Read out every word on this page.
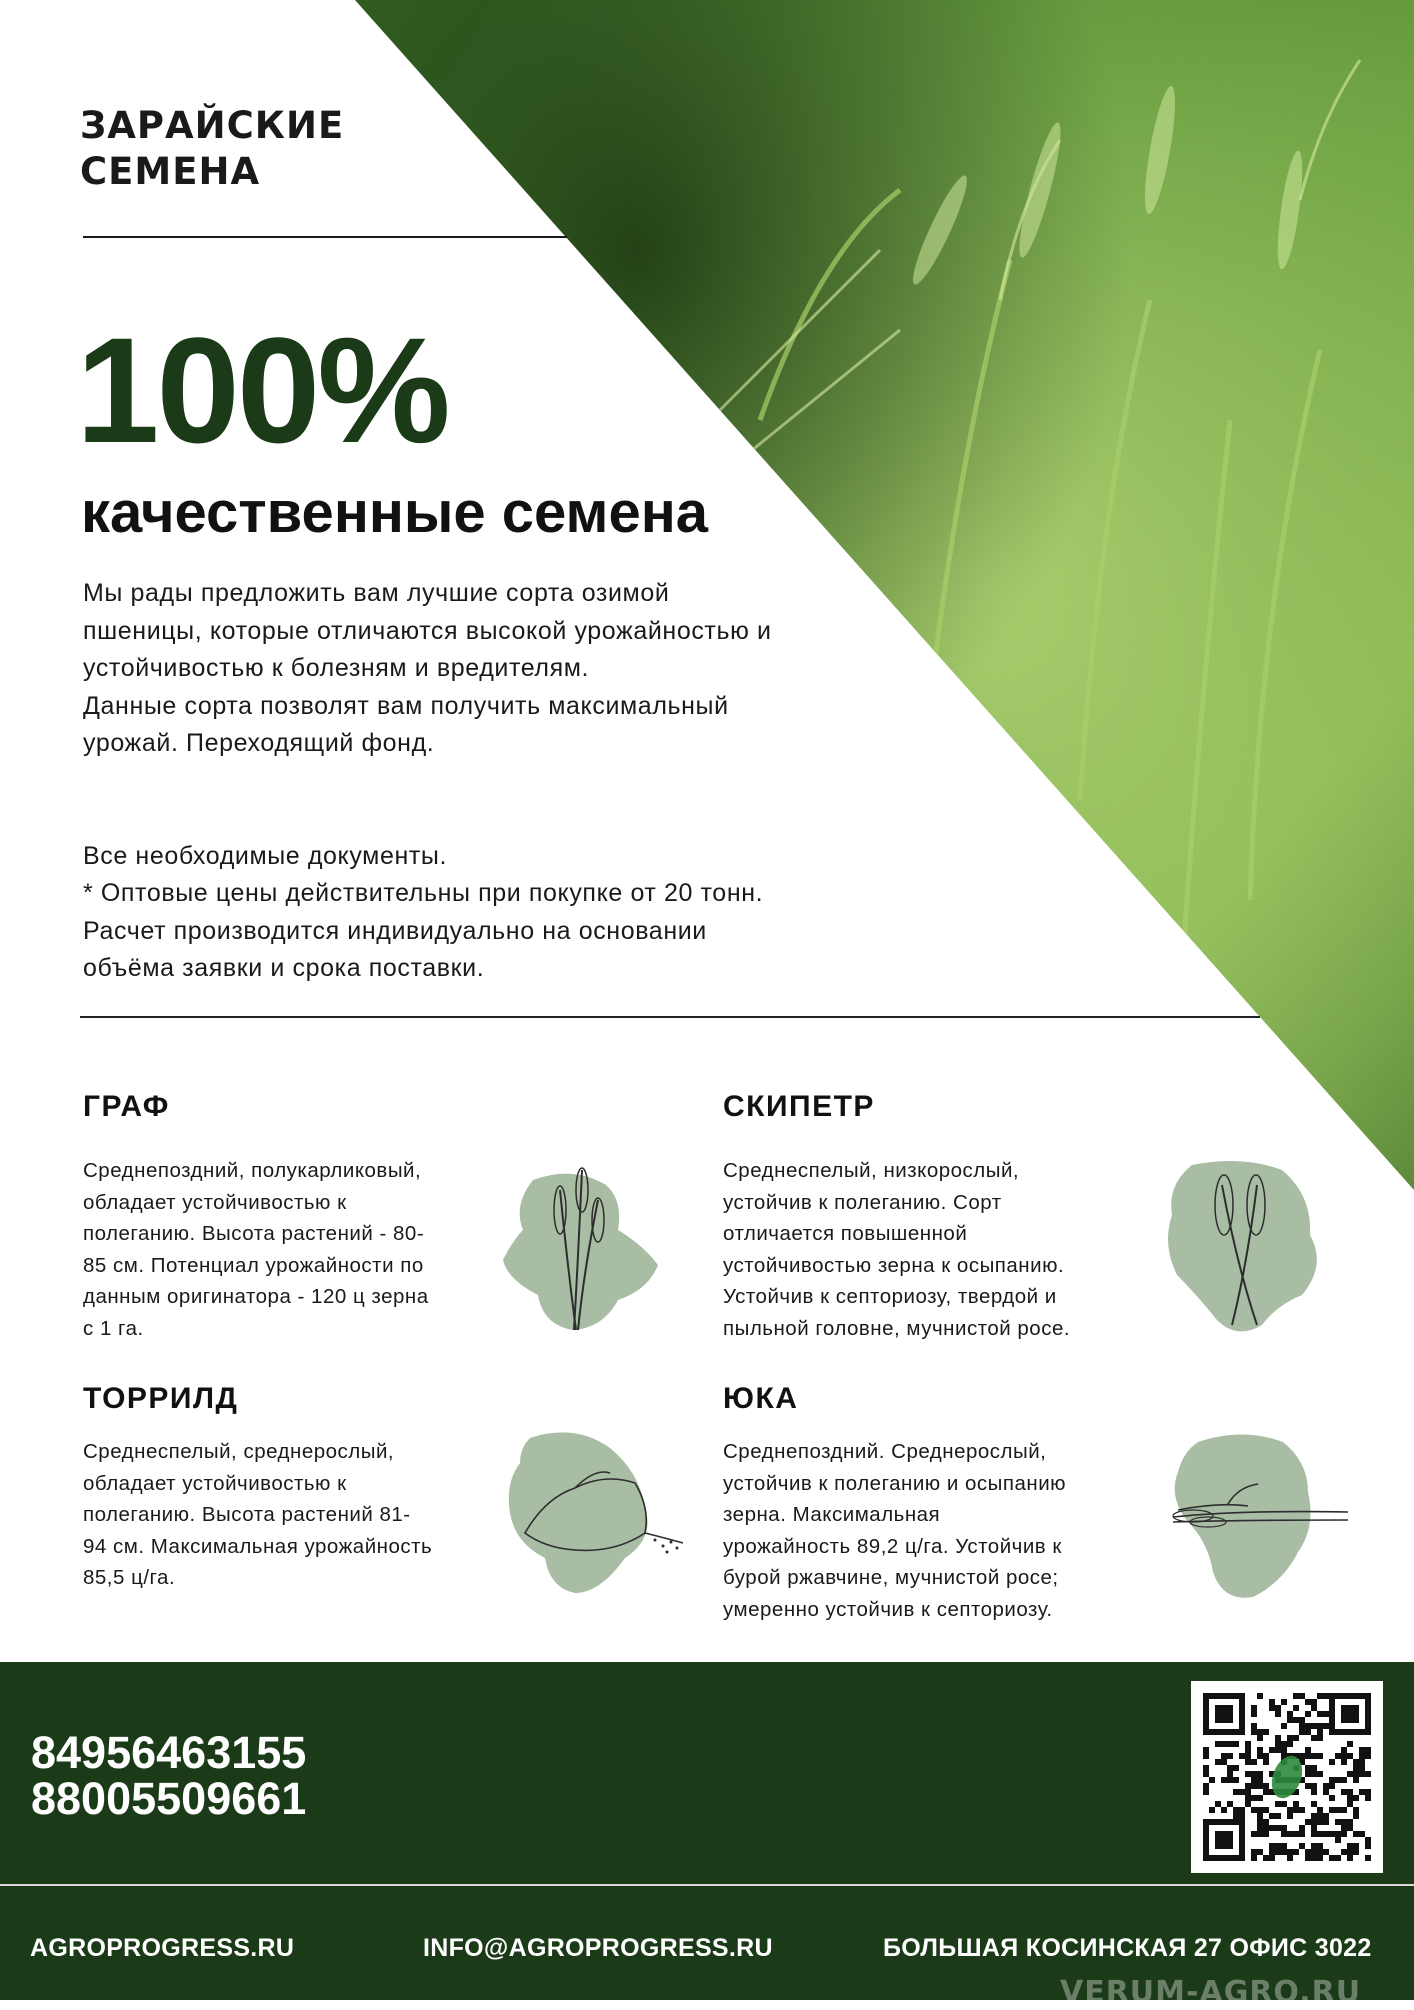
ЗАРАЙСКИЕ
СЕМЕНА
100%
качественные семена

Мы рады предложить вам лучшие сорта озимой

пшеницы, которые отличаются высокой урожайностью и

устойчивостью к болезням и вредителям.

Данные сорта позволят вам получить максимальный

урожай. Переходящий фонд.

Все необходимые документы.

* Оптовые цены действительны при покупке от 20 тонн.

Расчет производится индивидуально на основании

объёма заявки и срока поставки.

ГРАФ
Среднепоздний, полукарликовый,
обладает устойчивостью к
полеганию. Высота растений - 80-
85 см. Потенциал урожайности по
данным оригинатора - 120 ц зерна
с 1 га.
СКИПЕТР
Среднеспелый, низкорослый,
устойчив к полеганию. Сорт
отличается повышенной
устойчивостью зерна к осыпанию.
Устойчив к септориозу, твердой и
пыльной головне, мучнистой росе.
ТОРРИЛД
Среднеспелый, среднерослый,
обладает устойчивостью к
полеганию. Высота растений 81-
94 см. Максимальная урожайность
85,5 ц/га.
ЮКА
Среднепоздний. Среднерослый,
устойчив к полеганию и осыпанию
зерна. Максимальная
урожайность 89,2 ц/га. Устойчив к
бурой ржавчине, мучнистой росе;
умеренно устойчив к септориозу.
84956463155
88005509661
AGROPROGRESS.RU	INFO@AGROPROGRESS.RU	БОЛЬШАЯ КОСИНСКАЯ 27 ОФИС 3022
VERUM-AGRO.RU
